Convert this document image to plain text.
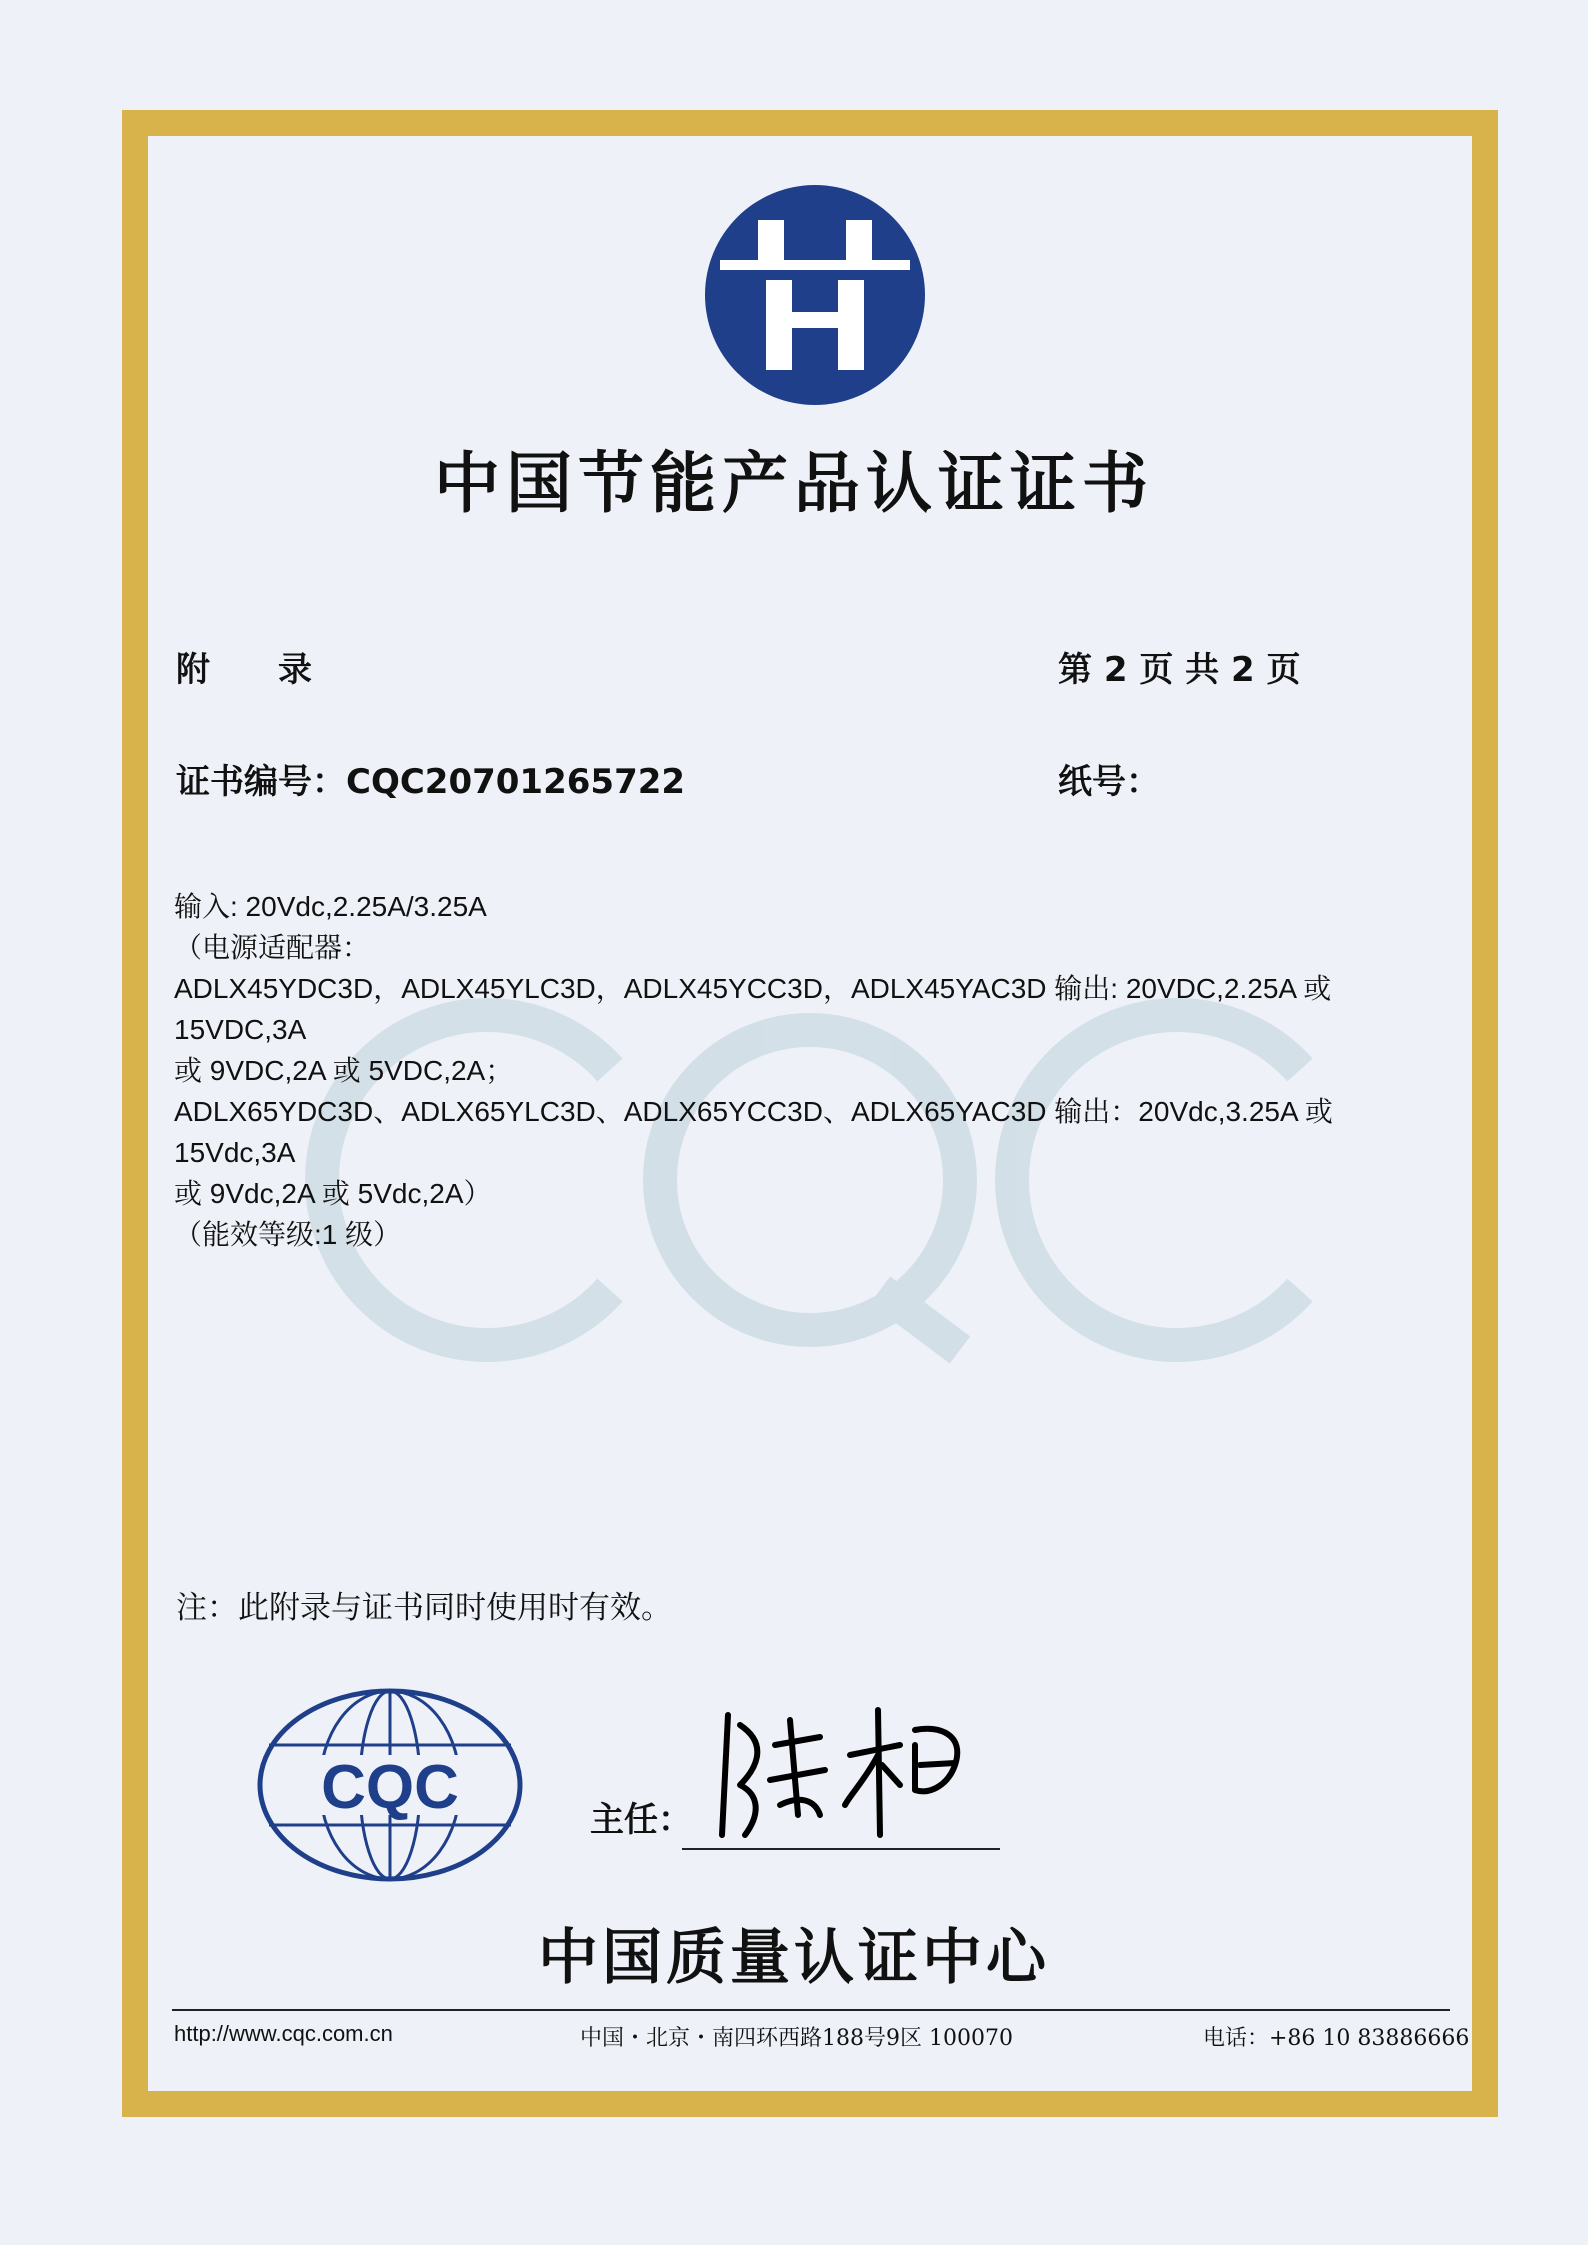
CQC
中国节能产品认证证书
附　　录	第 2 页 共 2 页
证书编号：CQC20701265722	纸号：
输入: 20Vdc,2.25A/3.25A
（电源适配器：
ADLX45YDC3D，ADLX45YLC3D，ADLX45YCC3D，ADLX45YAC3D 输出: 20VDC,2.25A 或 15VDC,3A
或 9VDC,2A 或 5VDC,2A；
ADLX65YDC3D、ADLX65YLC3D、ADLX65YCC3D、ADLX65YAC3D 输出：20Vdc,3.25A 或 15Vdc,3A
或 9Vdc,2A 或 5Vdc,2A）
（能效等级:1 级）
注：此附录与证书同时使用时有效。
CQC	主任：
中国质量认证中心
http://www.cqc.com.cn	中国・北京・南四环西路188号9区 100070	电话：+86 10 83886666
